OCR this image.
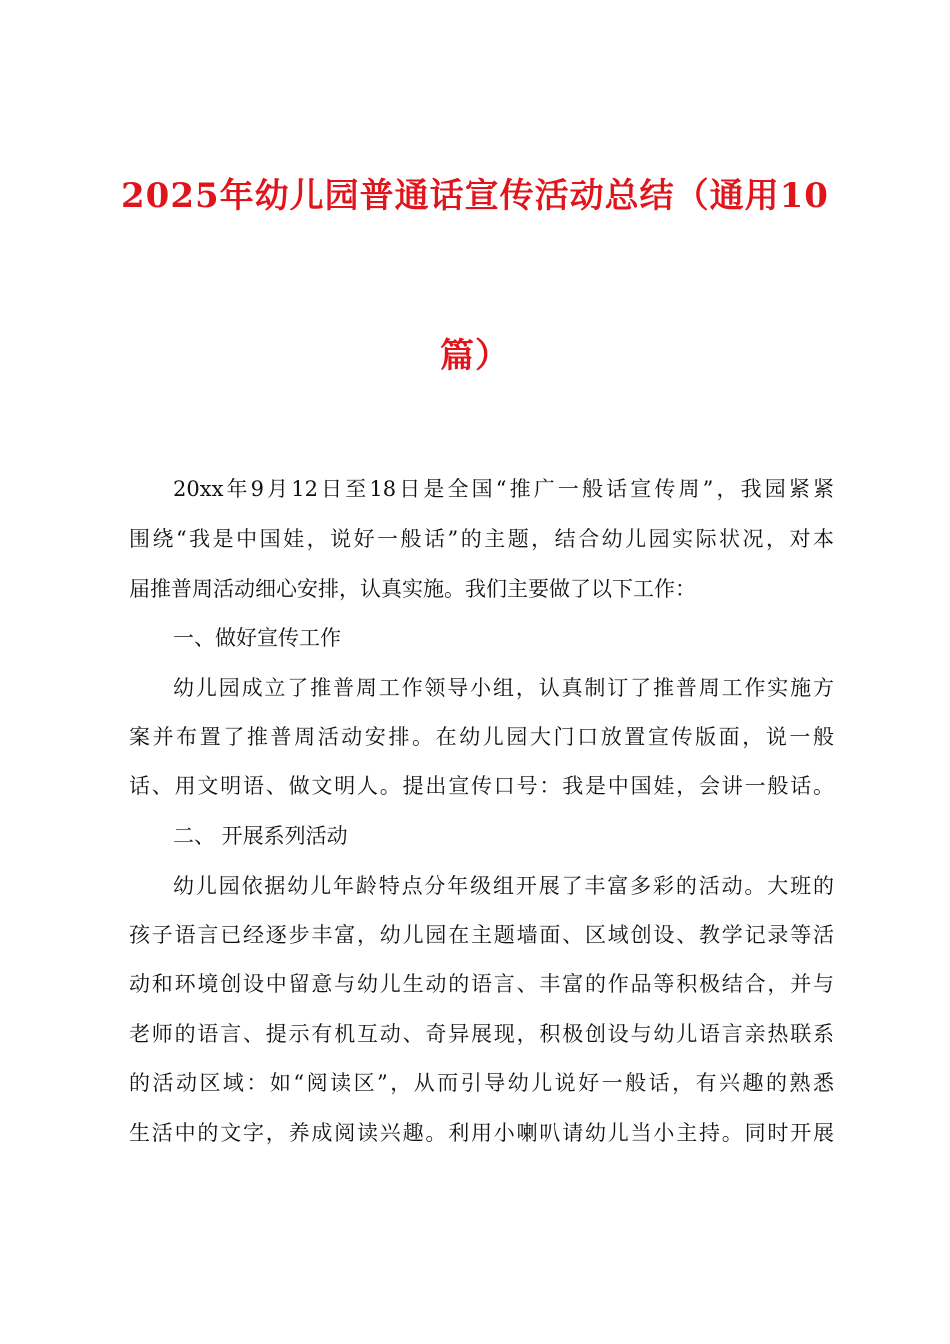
2025年幼儿园普通话宣传活动总结（通用10
篇）
20xx年9月12日至18日是全国“推广一般话宣传周”，我园紧紧
围绕“我是中国娃，说好一般话”的主题，结合幼儿园实际状况，对本
届推普周活动细心安排，认真实施。我们主要做了以下工作：
一、做好宣传工作
幼儿园成立了推普周工作领导小组，认真制订了推普周工作实施方
案并布置了推普周活动安排。在幼儿园大门口放置宣传版面，说一般
话、用文明语、做文明人。提出宣传口号：我是中国娃，会讲一般话。
二、 开展系列活动
幼儿园依据幼儿年龄特点分年级组开展了丰富多彩的活动。大班的
孩子语言已经逐步丰富，幼儿园在主题墙面、区域创设、教学记录等活
动和环境创设中留意与幼儿生动的语言、丰富的作品等积极结合，并与
老师的语言、提示有机互动、奇异展现，积极创设与幼儿语言亲热联系
的活动区域：如“阅读区”，从而引导幼儿说好一般话，有兴趣的熟悉
生活中的文字，养成阅读兴趣。利用小喇叭请幼儿当小主持。同时开展
